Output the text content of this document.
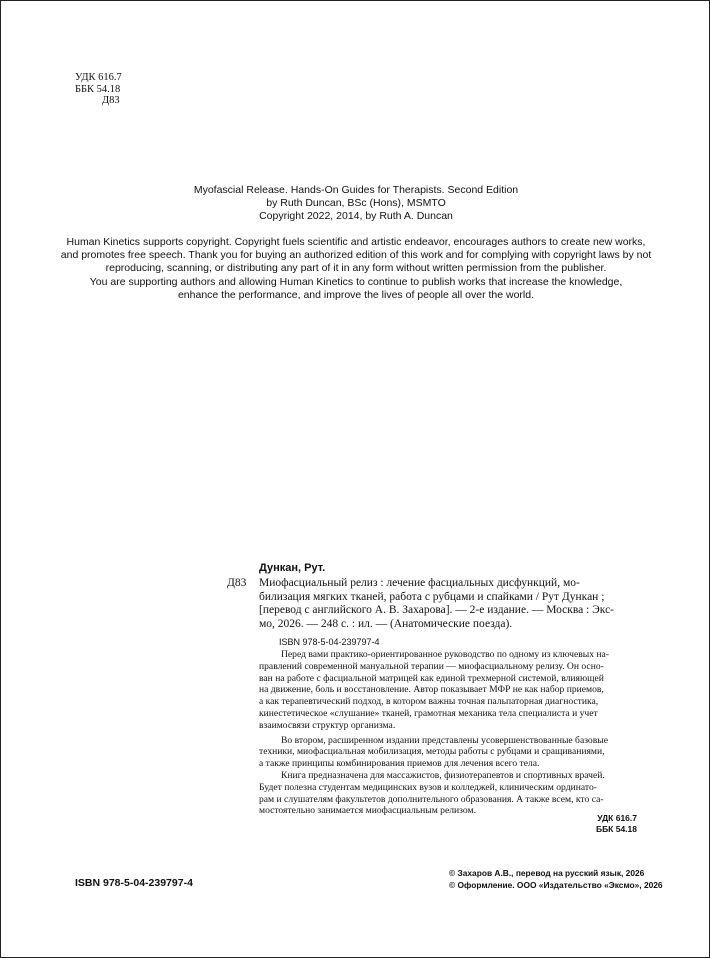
УДК 616.7
ББК 54.18
Д83
Myofascial Release. Hands-On Guides for Therapists. Second Edition
by Ruth Duncan, BSc (Hons), MSMTO
Copyright 2022, 2014, by Ruth A. Duncan
Human Kinetics supports copyright. Copyright fuels scientific and artistic endeavor, encourages authors to create new works,
and promotes free speech. Thank you for buying an authorized edition of this work and for complying with copyright laws by not
reproducing, scanning, or distributing any part of it in any form without written permission from the publisher.
You are supporting authors and allowing Human Kinetics to continue to publish works that increase the knowledge,
enhance the performance, and improve the lives of people all over the world.
Дункан, Рут.
Д83 Миофасциальный релиз : лечение фасциальных дисфункций, мо-
билизация мягких тканей, работа с рубцами и спайками / Рут Дункан ;
[перевод с английского А. В. Захарова]. — 2-е издание. — Москва : Экс-
мо, 2026. — 248 с. : ил. — (Анатомические поезда).
ISBN 978-5-04-239797-4

Перед вами практико-ориентированное руководство по одному из ключевых на-
правлений современной мануальной терапии — миофасциальному релизу. Он осно-
ван на работе с фасциальной матрицей как единой трехмерной системой, влияющей
на движение, боль и восстановление. Автор показывает МФР не как набор приемов,
а как терапевтический подход, в котором важны точная пальпаторная диагностика,
кинестетическое «слушание» тканей, грамотная механика тела специалиста и учет
взаимосвязи структур организма.

Во втором, расширенном издании представлены усовершенствованные базовые
техники, миофасциальная мобилизация, методы работы с рубцами и сращиваниями,
а также принципы комбинирования приемов для лечения всего тела.

Книга предназначена для массажистов, физиотерапевтов и спортивных врачей.
Будет полезна студентам медицинских вузов и колледжей, клиническим ординато-
рам и слушателям факультетов дополнительного образования. А также всем, кто са-
мостоятельно занимается миофасциальным релизом.

УДК 616.7
ББК 54.18
ISBN 978-5-04-239797-4
© Захаров А.В., перевод на русский язык, 2026
© Оформление. ООО «Издательство «Эксмо», 2026
